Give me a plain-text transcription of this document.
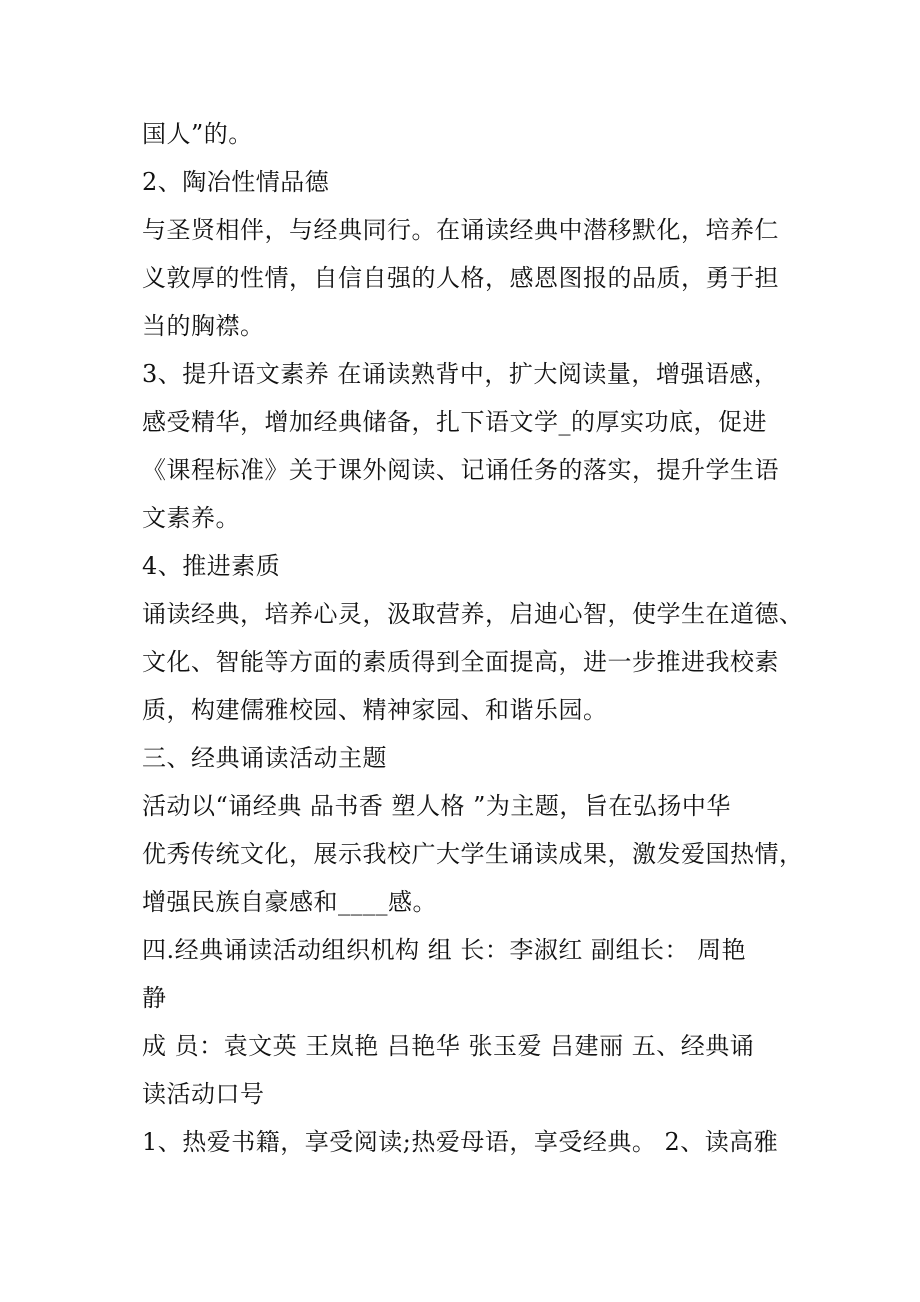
国人”的。
2、陶冶性情品德
与圣贤相伴，与经典同行。在诵读经典中潜移默化，培养仁
义敦厚的性情，自信自强的人格，感恩图报的品质，勇于担
当的胸襟。
3、提升语文素养 在诵读熟背中，扩大阅读量，增强语感，
感受精华，增加经典储备，扎下语文学_的厚实功底，促进
《课程标准》关于课外阅读、记诵任务的落实，提升学生语
文素养。
4、推进素质
诵读经典，培养心灵，汲取营养，启迪心智，使学生在道德、
文化、智能等方面的素质得到全面提高，进一步推进我校素
质，构建儒雅校园、精神家园、和谐乐园。
三、经典诵读活动主题
活动以“诵经典 品书香 塑人格 ”为主题，旨在弘扬中华
优秀传统文化，展示我校广大学生诵读成果，激发爱国热情，
增强民族自豪感和____感。
四.经典诵读活动组织机构 组 长：李淑红 副组长： 周艳
静
成 员：袁文英 王岚艳 吕艳华 张玉爱 吕建丽 五、经典诵
读活动口号
1、热爱书籍，享受阅读;热爱母语，享受经典。 2、读高雅
